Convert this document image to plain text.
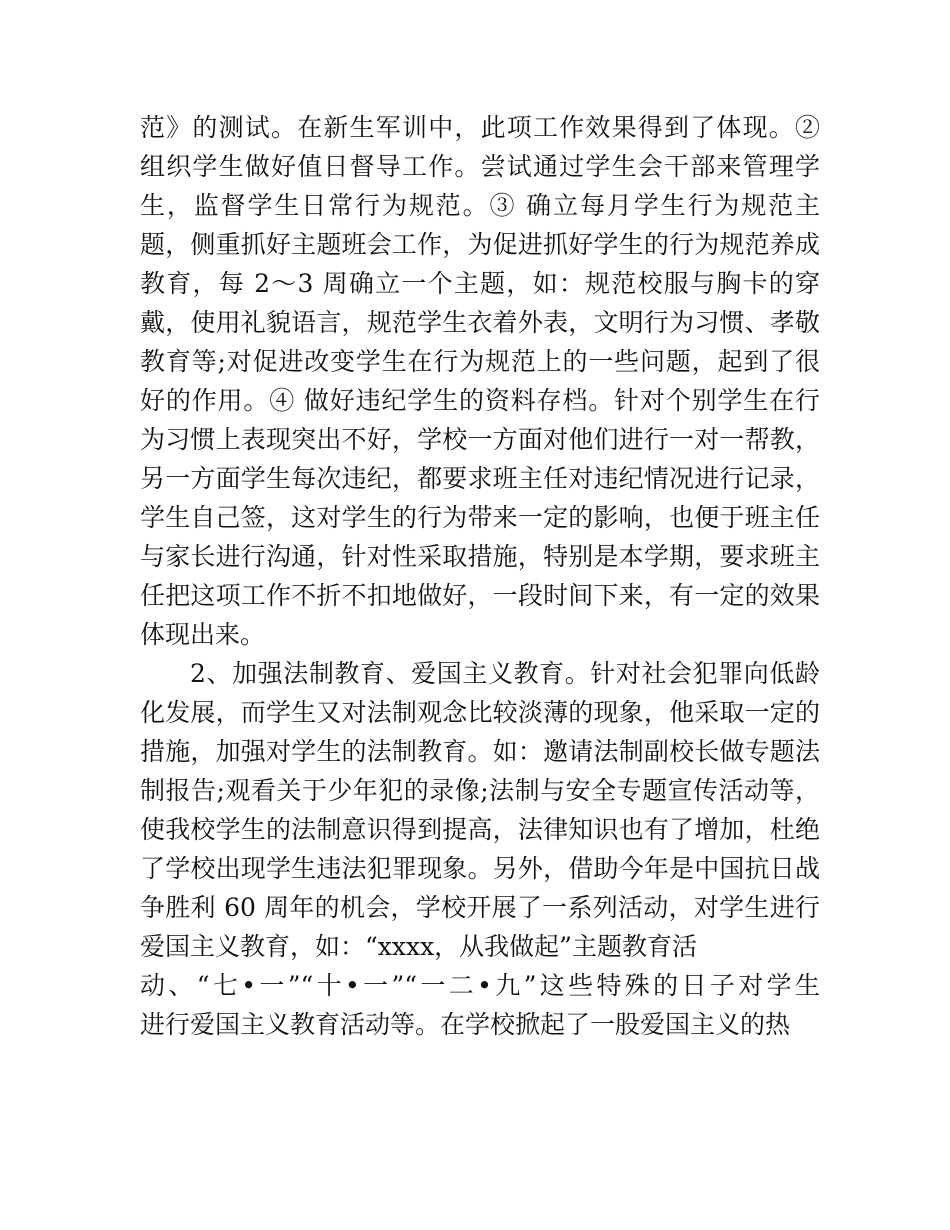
范》的测试。在新生军训中，此项工作效果得到了体现。②
组织学生做好值日督导工作。尝试通过学生会干部来管理学
生，监督学生日常行为规范。③ 确立每月学生行为规范主
题，侧重抓好主题班会工作，为促进抓好学生的行为规范养成
教育，每 2～3 周确立一个主题，如：规范校服与胸卡的穿
戴，使用礼貌语言，规范学生衣着外表，文明行为习惯、孝敬
教育等;对促进改变学生在行为规范上的一些问题，起到了很
好的作用。④ 做好违纪学生的资料存档。针对个别学生在行
为习惯上表现突出不好，学校一方面对他们进行一对一帮教，
另一方面学生每次违纪，都要求班主任对违纪情况进行记录，
学生自己签，这对学生的行为带来一定的影响，也便于班主任
与家长进行沟通，针对性采取措施，特别是本学期，要求班主
任把这项工作不折不扣地做好，一段时间下来，有一定的效果
体现出来。
2、加强法制教育、爱国主义教育。针对社会犯罪向低龄
化发展，而学生又对法制观念比较淡薄的现象，他采取一定的
措施，加强对学生的法制教育。如：邀请法制副校长做专题法
制报告;观看关于少年犯的录像;法制与安全专题宣传活动等，
使我校学生的法制意识得到提高，法律知识也有了增加，杜绝
了学校出现学生违法犯罪现象。另外，借助今年是中国抗日战
争胜利 60 周年的机会，学校开展了一系列活动，对学生进行
爱国主义教育，如：“xxxx，从我做起”主题教育活
动、“七•一”“十•一”“一二•九”这些特殊的日子对学生
进行爱国主义教育活动等。在学校掀起了一股爱国主义的热
